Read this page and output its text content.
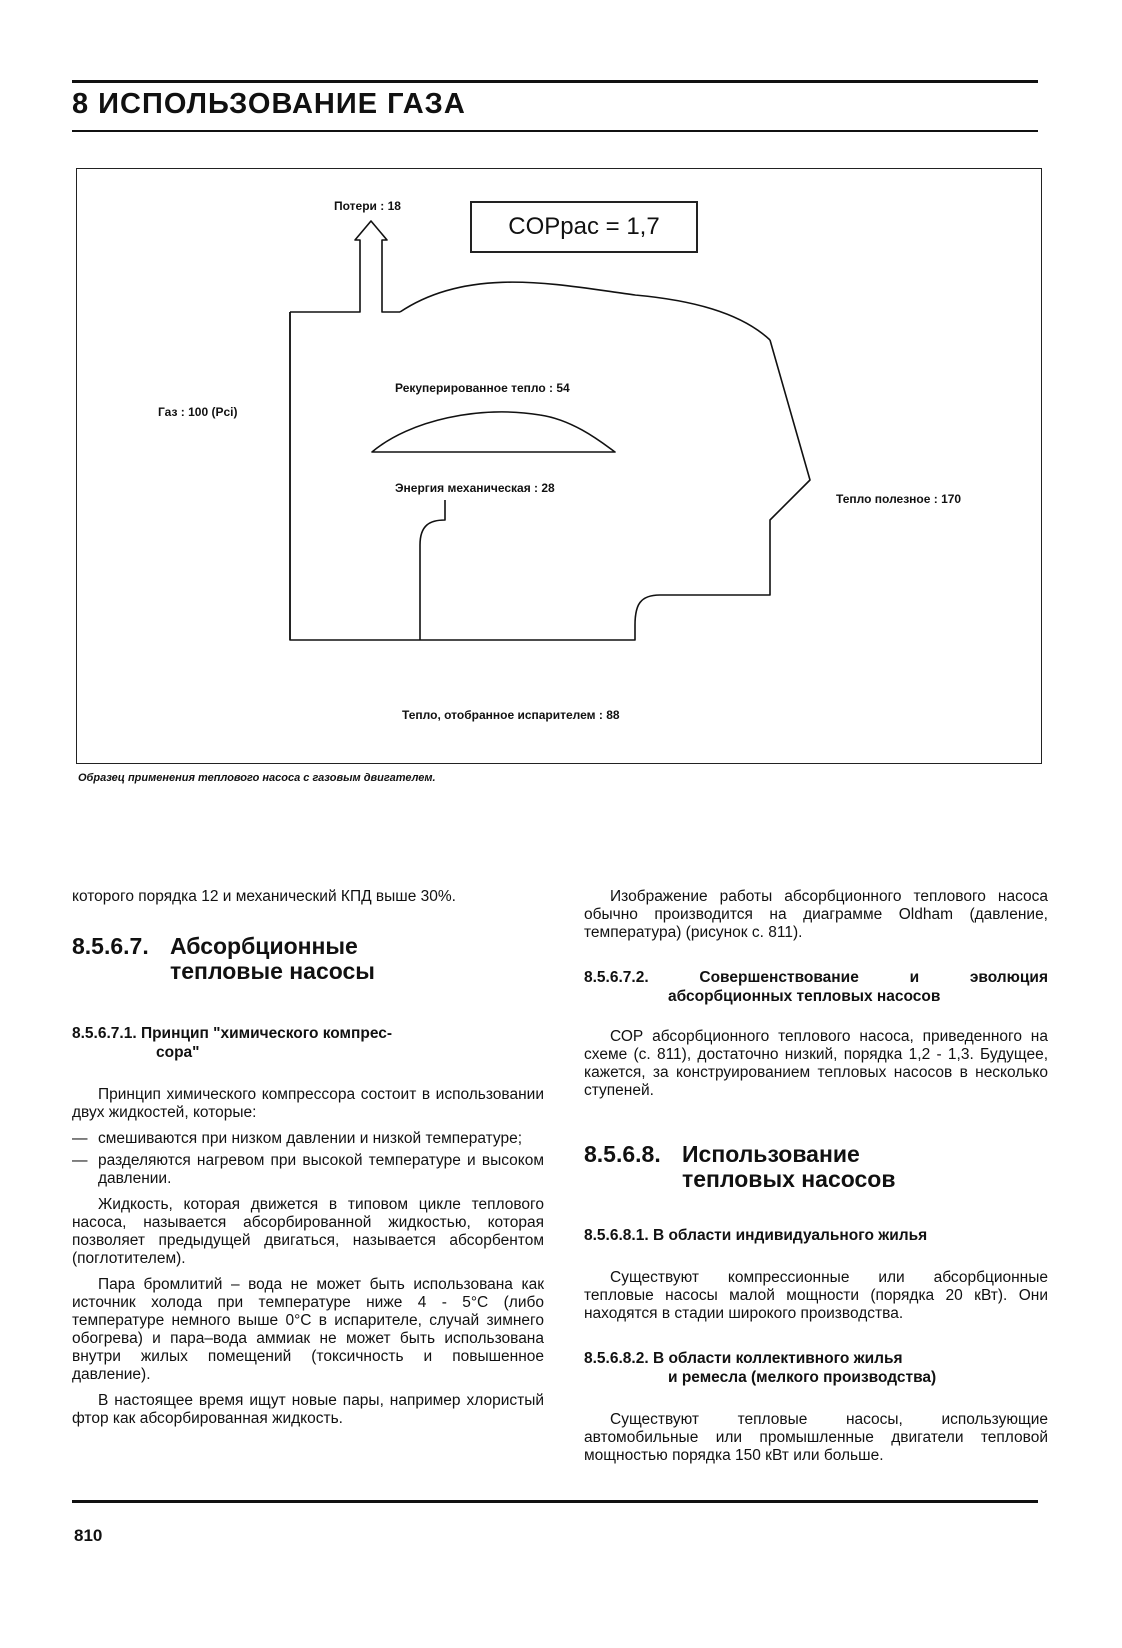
8 ИСПОЛЬЗОВАНИЕ ГАЗА
Потери : 18
COPpac = 1,7
Газ : 100 (Pci)
Рекуперированное тепло : 54
Энергия механическая : 28
Тепло полезное : 170
Тепло, отобранное испарителем : 88
Образец применения теплового насоса с газовым двигателем.

которого порядка 12 и механический КПД выше 30%.

8.5.6.7. Абсорбционные
тепловые насосы
8.5.6.7.1. Принцип "химического компрес-
сора"

Принцип химического компрессора состоит в использовании двух жидкостей, которые:

— смешиваются при низком давлении и низкой температуре;
— разделяются нагревом при высокой температуре и высоком давлении.

Жидкость, которая движется в типовом цикле теплового насоса, называется абсорбированной жидкостью, которая позволяет предыдущей двигаться, называется абсорбентом (поглотителем).

Пара бромлитий – вода не может быть использована как источник холода при температуре ниже 4 - 5°С (либо температуре немного выше 0°С в испарителе, случай зимнего обогрева) и пара–вода аммиак не может быть использована внутри жилых помещений (токсичность и повышенное давление).

В настоящее время ищут новые пары, например хлористый фтор как абсорбированная жидкость.

Изображение работы абсорбционного теплового насоса обычно производится на диаграмме Oldham (давление, температура) (рисунок с. 811).

8.5.6.7.2. Совершенствование и эволюция
абсорбционных тепловых насосов

СОР абсорбционного теплового насоса, приведенного на схеме (с. 811), достаточно низкий, порядка 1,2 - 1,3. Будущее, кажется, за конструированием тепловых насосов в несколько ступеней.

8.5.6.8. Использование
тепловых насосов
8.5.6.8.1. В области индивидуального жилья

Существуют компрессионные или абсорбционные тепловые насосы малой мощности (порядка 20 кВт). Они находятся в стадии широкого производства.

8.5.6.8.2. В области коллективного жилья
и ремесла (мелкого производства)

Существуют тепловые насосы, использующие автомобильные или промышленные двигатели тепловой мощностью порядка 150 кВт или больше.

810
